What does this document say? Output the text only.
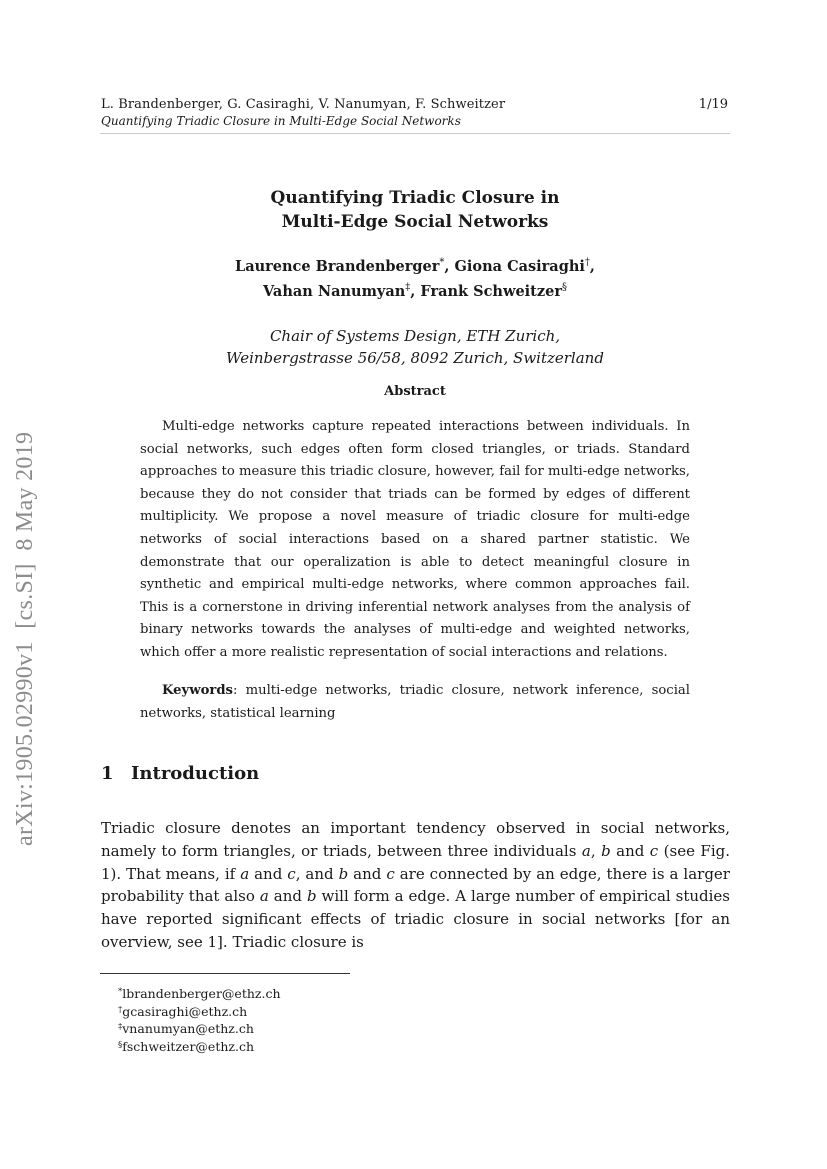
L. Brandenberger, G. Casiraghi, V. Nanumyan, F. Schweitzer
Quantifying Triadic Closure in Multi-Edge Social Networks
1/19
arXiv:1905.02990v1  [cs.SI]  8 May 2019
Quantifying Triadic Closure in
Multi-Edge Social Networks
Laurence Brandenberger*, Giona Casiraghi†,
Vahan Nanumyan‡, Frank Schweitzer§
Chair of Systems Design, ETH Zurich,
Weinbergstrasse 56/58, 8092 Zurich, Switzerland
Abstract

Multi-edge networks capture repeated interactions between individuals. In social networks, such edges often form closed triangles, or triads. Standard approaches to measure this triadic closure, however, fail for multi-edge networks, because they do not consider that triads can be formed by edges of different multiplicity. We propose a novel measure of triadic closure for multi-edge networks of social interactions based on a shared partner statistic. We demonstrate that our operalization is able to detect meaningful closure in synthetic and empirical multi-edge networks, where common approaches fail. This is a cornerstone in driving inferential network analyses from the analysis of binary networks towards the analyses of multi-edge and weighted networks, which offer a more realistic representation of social interactions and relations.

Keywords: multi-edge networks, triadic closure, network inference, social networks, statistical learning

1 Introduction

Triadic closure denotes an important tendency observed in social networks, namely to form triangles, or triads, between three individuals a, b and c (see Fig. 1). That means, if a and c, and b and c are connected by an edge, there is a larger probability that also a and b will form a edge. A large number of empirical studies have reported significant effects of triadic closure in social networks [for an overview, see 1]. Triadic closure is

*lbrandenberger@ethz.ch
†gcasiraghi@ethz.ch
‡vnanumyan@ethz.ch
§fschweitzer@ethz.ch
